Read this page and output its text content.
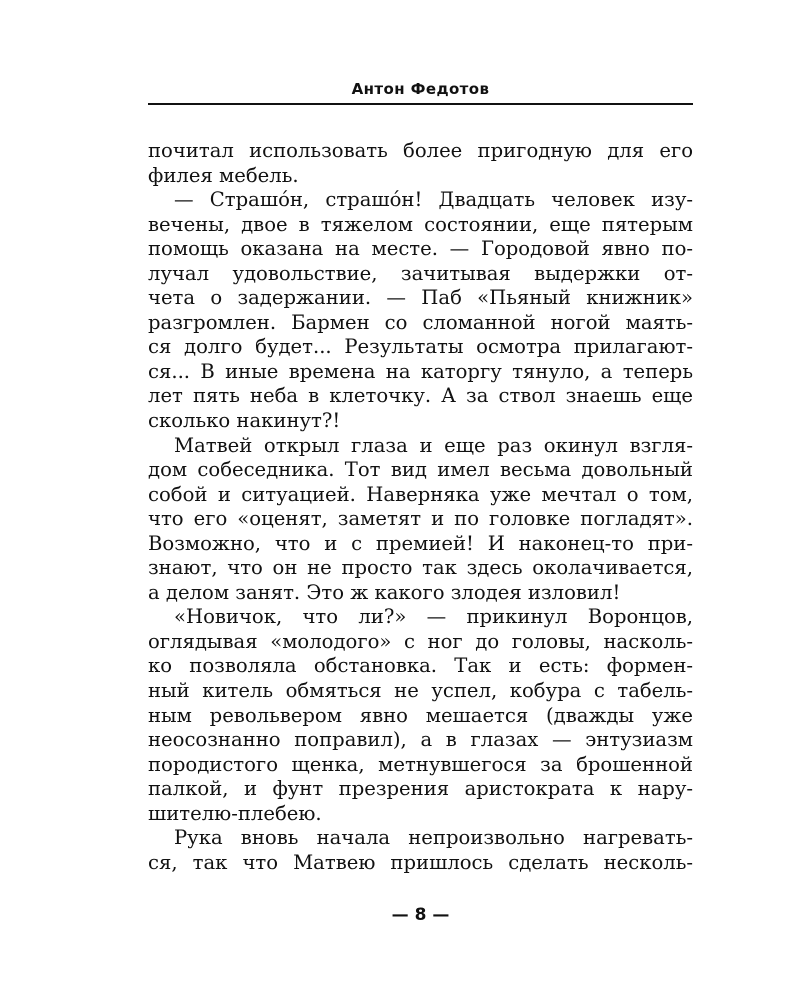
Антон Федотов
почитал использовать более пригодную для его
филея мебель.
— Страшóн, страшóн! Двадцать человек изу-
вечены, двое в тяжелом состоянии, еще пятерым
помощь оказана на месте. — Городовой явно по-
лучал удовольствие, зачитывая выдержки от-
чета о задержании. — Паб «Пьяный книжник»
разгромлен. Бармен со сломанной ногой маять-
ся долго будет... Результаты осмотра прилагают-
ся... В иные времена на каторгу тянуло, а теперь
лет пять неба в клеточку. А за ствол знаешь еще
сколько накинут?!
Матвей открыл глаза и еще раз окинул взгля-
дом собеседника. Тот вид имел весьма довольный
собой и ситуацией. Наверняка уже мечтал о том,
что его «оценят, заметят и по головке погладят».
Возможно, что и с премией! И наконец-то при-
знают, что он не просто так здесь околачивается,
а делом занят. Это ж какого злодея изловил!
«Новичок, что ли?» — прикинул Воронцов,
оглядывая «молодого» с ног до головы, насколь-
ко позволяла обстановка. Так и есть: формен-
ный китель обмяться не успел, кобура с табель-
ным револьвером явно мешается (дважды уже
неосознанно поправил), а в глазах — энтузиазм
породистого щенка, метнувшегося за брошенной
палкой, и фунт презрения аристократа к нару-
шителю-плебею.
Рука вновь начала непроизвольно нагревать-
ся, так что Матвею пришлось сделать несколь-
— 8 —
